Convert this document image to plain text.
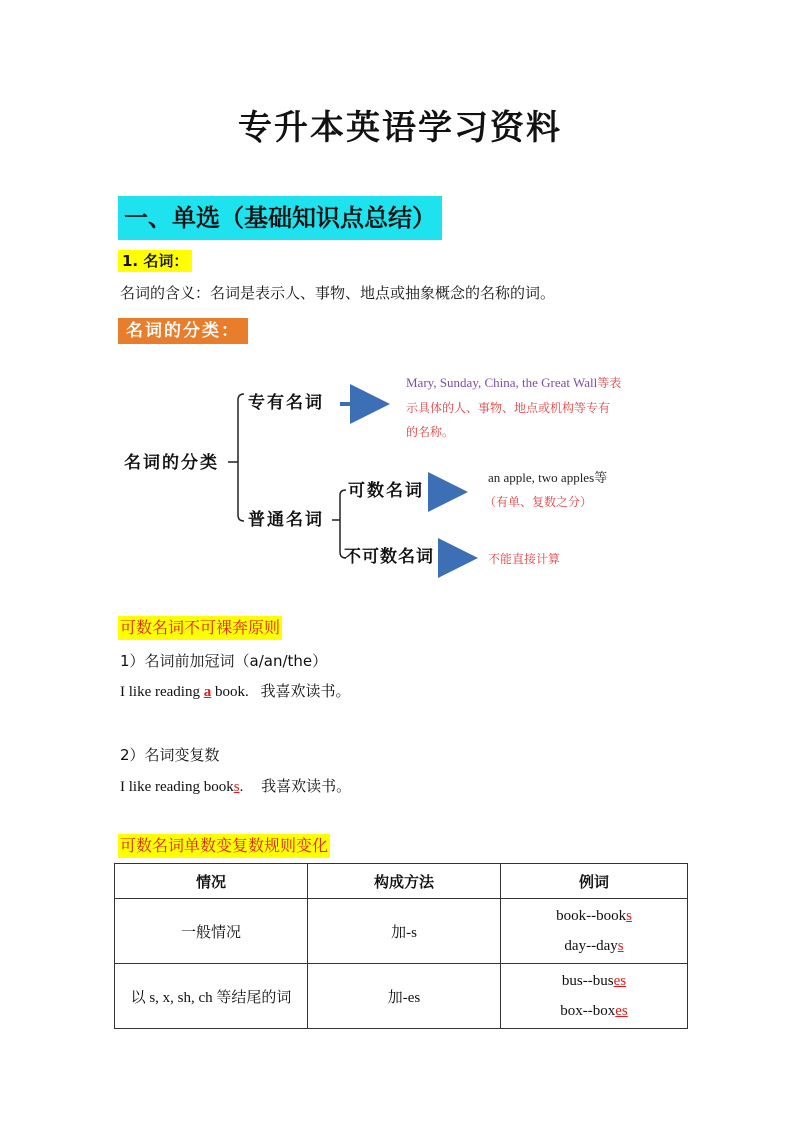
专升本英语学习资料
一、单选（基础知识点总结）
1. 名词：
名词的含义：名词是表示人、事物、地点或抽象概念的名称的词。
名词的分类：
名词的分类
专有名词
普通名词
可数名词
不可数名词
Mary, Sunday, China, the Great Wall等表
示具体的人、事物、地点或机构等专有
的名称。
an apple, two apples等
（有单、复数之分）
不能直接计算
可数名词不可裸奔原则
1）名词前加冠词（a/an/the）
I like reading a book. 我喜欢读书。
2）名词变复数
I like reading books. 我喜欢读书。
可数名词单数变复数规则变化
情况	构成方法	例词
一般情况	加-s	book--books
day--days

以 s, x, sh, ch 等结尾的词	加-es	bus--buses
box--boxes
